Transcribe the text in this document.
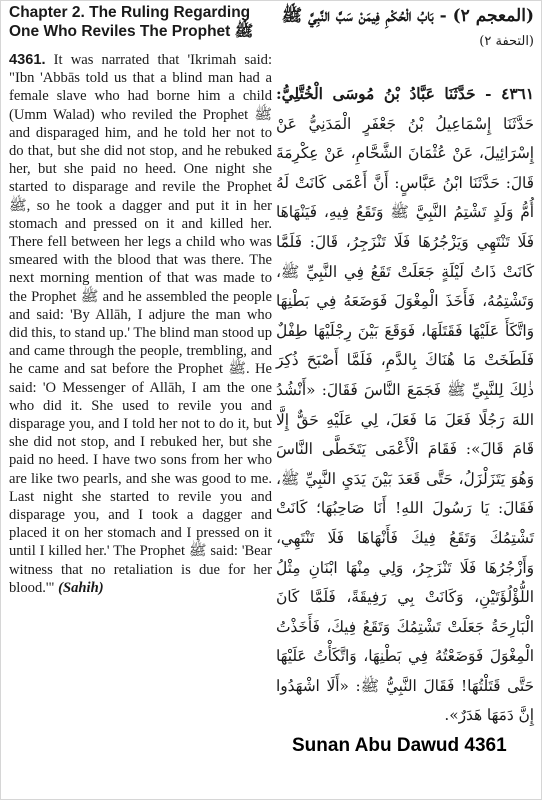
Chapter 2. The Ruling Regarding One Who Reviles The Prophet ﷺ

4361. It was narrated that 'Ikrimah said: "Ibn 'Abbās told us that a blind man had a female slave who had borne him a child (Umm Walad) who reviled the Prophet ﷺ and disparaged him, and he told her not to do that, but she did not stop, and he rebuked her, but she paid no heed. One night she started to disparage and revile the Prophet ﷺ, so he took a dagger and put it in her stomach and pressed on it and killed her. There fell between her legs a child who was smeared with the blood that was there. The next morning mention of that was made to the Prophet ﷺ and he assembled the people and said: 'By Allāh, I adjure the man who did this, to stand up.' The blind man stood up and came through the people, trembling, and he came and sat before the Prophet ﷺ. He said: 'O Messenger of Allāh, I am the one who did it. She used to revile you and disparage you, and I told her not to do it, but she did not stop, and I rebuked her, but she paid no heed. I have two sons from her who are like two pearls, and she was good to me. Last night she started to revile you and disparage you, and I took a dagger and placed it on her stomach and I pressed on it until I killed her.' The Prophet ﷺ said: 'Bear witness that no retaliation is due for her blood.'" (Sahih)

(المعجم ٢) - بَابُ الْحُكْمِ فِيمَنْ سَبَّ النَّبِيَّ ﷺ (التحفة ٢)

٤٣٦١ - حَدَّثَنَا عَبَّادُ بْنُ مُوسَى الْخُتَّلِيُّ: حَدَّثَنَا إِسْمَاعِيلُ بْنُ جَعْفَرٍ الْمَدَنِيُّ عَنْ إِسْرَائِيلَ، عَنْ عُثْمَانَ الشَّحَّامِ، عَنْ عِكْرِمَةَ قَالَ: حَدَّثَنَا ابْنُ عَبَّاسٍ: أَنَّ أَعْمَى كَانَتْ لَهُ أُمُّ وَلَدٍ تَشْتِمُ النَّبِيَّ ﷺ وَتَقَعُ فِيهِ، فَيَنْهَاهَا فَلَا تَنْتَهِي وَيَزْجُرُهَا فَلَا تَنْزَجِرُ، قَالَ: فَلَمَّا كَانَتْ ذَاتُ لَيْلَةٍ جَعَلَتْ تَقَعُ فِي النَّبِيِّ ﷺ، وَتَشْتِمُهُ، فَأَخَذَ الْمِغْوَلَ فَوَضَعَهُ فِي بَطْنِهَا وَاتَّكَأَ عَلَيْهَا فَقَتَلَهَا، فَوَقَعَ بَيْنَ رِجْلَيْهَا طِفْلٌ فَلَطَخَتْ مَا هُنَاكَ بِالدَّمِ، فَلَمَّا أَصْبَحَ ذُكِرَ ذٰلِكَ لِلنَّبِيِّ ﷺ فَجَمَعَ النَّاسَ فَقَالَ: «أَنْشُدُ اللهَ رَجُلًا فَعَلَ مَا فَعَلَ، لِي عَلَيْهِ حَقٌّ إِلَّا قَامَ قَالَ»: فَقَامَ الْأَعْمَى يَتَخَطَّى النَّاسَ وَهُوَ يَتَزَلْزَلُ، حَتَّى قَعَدَ بَيْنَ يَدَيِ النَّبِيِّ ﷺ، فَقَالَ: يَا رَسُولَ اللهِ! أَنَا صَاحِبُهَا؛ كَانَتْ تَشْتِمُكَ وَتَقَعُ فِيكَ فَأَنْهَاهَا فَلَا تَنْتَهِي، وَأَزْجُرُهَا فَلَا تَنْزَجِرُ، وَلِي مِنْهَا ابْنَانِ مِثْلُ اللُّؤْلُؤَتَيْنِ، وَكَانَتْ بِي رَفِيقَةً، فَلَمَّا كَانَ الْبَارِحَةُ جَعَلَتْ تَشْتِمُكَ وَتَقَعُ فِيكَ، فَأَخَذْتُ الْمِغْوَلَ فَوَضَعْتُهُ فِي بَطْنِهَا، وَاتَّكَأْتُ عَلَيْهَا حَتَّى قَتَلْتُهَا! فَقَالَ النَّبِيُّ ﷺ: «أَلَا اشْهَدُوا إِنَّ دَمَهَا هَدَرٌ».

Sunan Abu Dawud 4361
